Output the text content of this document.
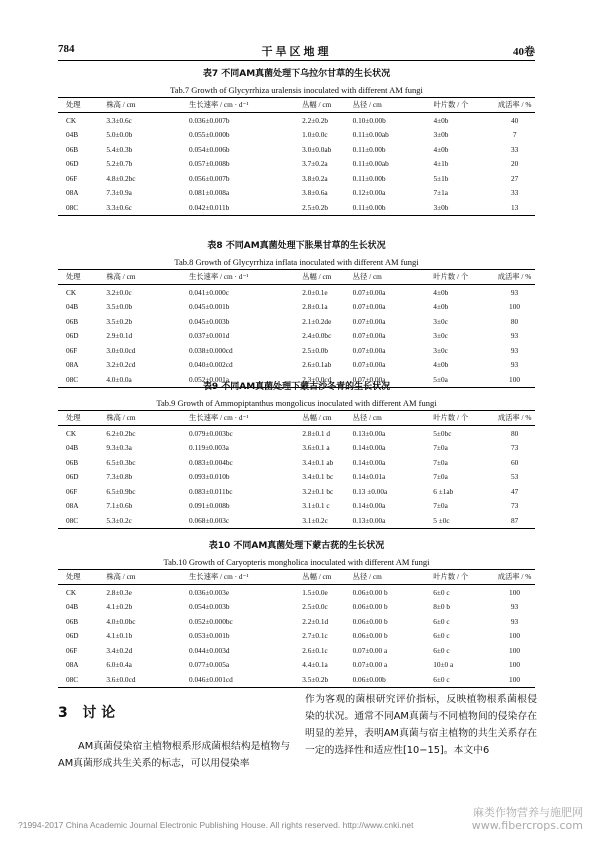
784	干旱区地理	40卷
表7 不同AM真菌处理下乌拉尔甘草的生长状况
Tab.7 Growth of Glycyrrhiza uralensis inoculated with different AM fungi
处理	株高 / cm	生长速率 / cm · d⁻¹	丛幅 / cm	丛径 / cm	叶片数 / 个	成活率 / %
CK	3.3±0.6c	0.036±0.007b	2.2±0.2b	0.10±0.00b	4±0b	40
04B	5.0±0.0b	0.055±0.000b	1.0±0.0c	0.11±0.00ab	3±0b	7
06B	5.4±0.3b	0.054±0.006b	3.0±0.0ab	0.11±0.00b	4±0b	33
06D	5.2±0.7b	0.057±0.008b	3.7±0.2a	0.11±0.00ab	4±1b	20
06F	4.8±0.2bc	0.056±0.007b	3.8±0.2a	0.11±0.00b	5±1b	27
08A	7.3±0.9a	0.081±0.008a	3.8±0.6a	0.12±0.00a	7±1a	33
08C	3.3±0.6c	0.042±0.011b	2.5±0.2b	0.11±0.00b	3±0b	13
表8 不同AM真菌处理下胀果甘草的生长状况
Tab.8 Growth of Glycyrrhiza inflata inoculated with different AM fungi
处理	株高 / cm	生长速率 / cm · d⁻¹	丛幅 / cm	丛径 / cm	叶片数 / 个	成活率 / %
CK	3.2±0.0c	0.041±0.000c	2.0±0.1e	0.07±0.00a	4±0b	93
04B	3.5±0.0b	0.045±0.001b	2.8±0.1a	0.07±0.00a	4±0b	100
06B	3.5±0.2b	0.045±0.003b	2.1±0.2de	0.07±0.00a	3±0c	80
06D	2.9±0.1d	0.037±0.001d	2.4±0.0bc	0.07±0.00a	3±0c	93
06F	3.0±0.0cd	0.038±0.000cd	2.5±0.0b	0.07±0.00a	3±0c	93
08A	3.2±0.2cd	0.040±0.002cd	2.6±0.1ab	0.07±0.00a	4±0b	93
08C	4.0±0.0a	0.052±0.001a	2.3±0.0cd	0.07±0.00a	5±0a	100
表9 不同AM真菌处理下蒙古沙冬青的生长状况
Tab.9 Growth of Ammopiptanthus mongolicus inoculated with different AM fungi
处理	株高 / cm	生长速率 / cm · d⁻¹	丛幅 / cm	丛径 / cm	叶片数 / 个	成活率 / %
CK	6.2±0.2bc	0.079±0.003bc	2.8±0.1 d	0.13±0.00a	5±0bc	80
04B	9.3±0.3a	0.119±0.003a	3.6±0.1 a	0.14±0.00a	7±0a	73
06B	6.5±0.3bc	0.083±0.004bc	3.4±0.1 ab	0.14±0.00a	7±0a	60
06D	7.3±0.8b	0.093±0.010b	3.4±0.1 bc	0.14±0.01a	7±0a	53
06F	6.5±0.9bc	0.083±0.011bc	3.2±0.1 bc	0.13 ±0.00a	6 ±1ab	47
08A	7.1±0.6b	0.091±0.008b	3.1±0.1 c	0.14±0.00a	7±0a	73
08C	5.3±0.2c	0.068±0.003c	3.1±0.2c	0.13±0.00a	5 ±0c	87
表10 不同AM真菌处理下蒙古莸的生长状况
Tab.10 Growth of Caryopteris mongholica inoculated with different AM fungi
处理	株高 / cm	生长速率 / cm · d⁻¹	丛幅 / cm	丛径 / cm	叶片数 / 个	成活率 / %
CK	2.8±0.3e	0.036±0.003e	1.5±0.0e	0.06±0.00 b	6±0 c	100
04B	4.1±0.2b	0.054±0.003b	2.5±0.0c	0.06±0.00 b	8±0 b	93
06B	4.0±0.0bc	0.052±0.000bc	2.2±0.1d	0.06±0.00 b	6±0 c	93
06D	4.1±0.1b	0.053±0.001b	2.7±0.1c	0.06±0.00 b	6±0 c	100
06F	3.4±0.2d	0.044±0.003d	2.6±0.1c	0.07±0.00 a	6±0 c	100
08A	6.0±0.4a	0.077±0.005a	4.4±0.1a	0.07±0.00 a	10±0 a	100
08C	3.6±0.0cd	0.046±0.001cd	3.5±0.2b	0.06±0.00b	6±0 c	100
3 讨 论
AM真菌侵染宿主植物根系形成菌根结构是植物与AM真菌形成共生关系的标志，可以用侵染率
作为客观的菌根研究评价指标，反映植物根系菌根侵染的状况。通常不同AM真菌与不同植物间的侵染存在明显的差异，表明AM真菌与宿主植物的共生关系存在一定的选择性和适应性[10−15]。本文中6
?1994-2017 China Academic Journal Electronic Publishing House. All rights reserved. http://www.cnki.net
麻类作物营养与施肥网
www.fibercrops.com
